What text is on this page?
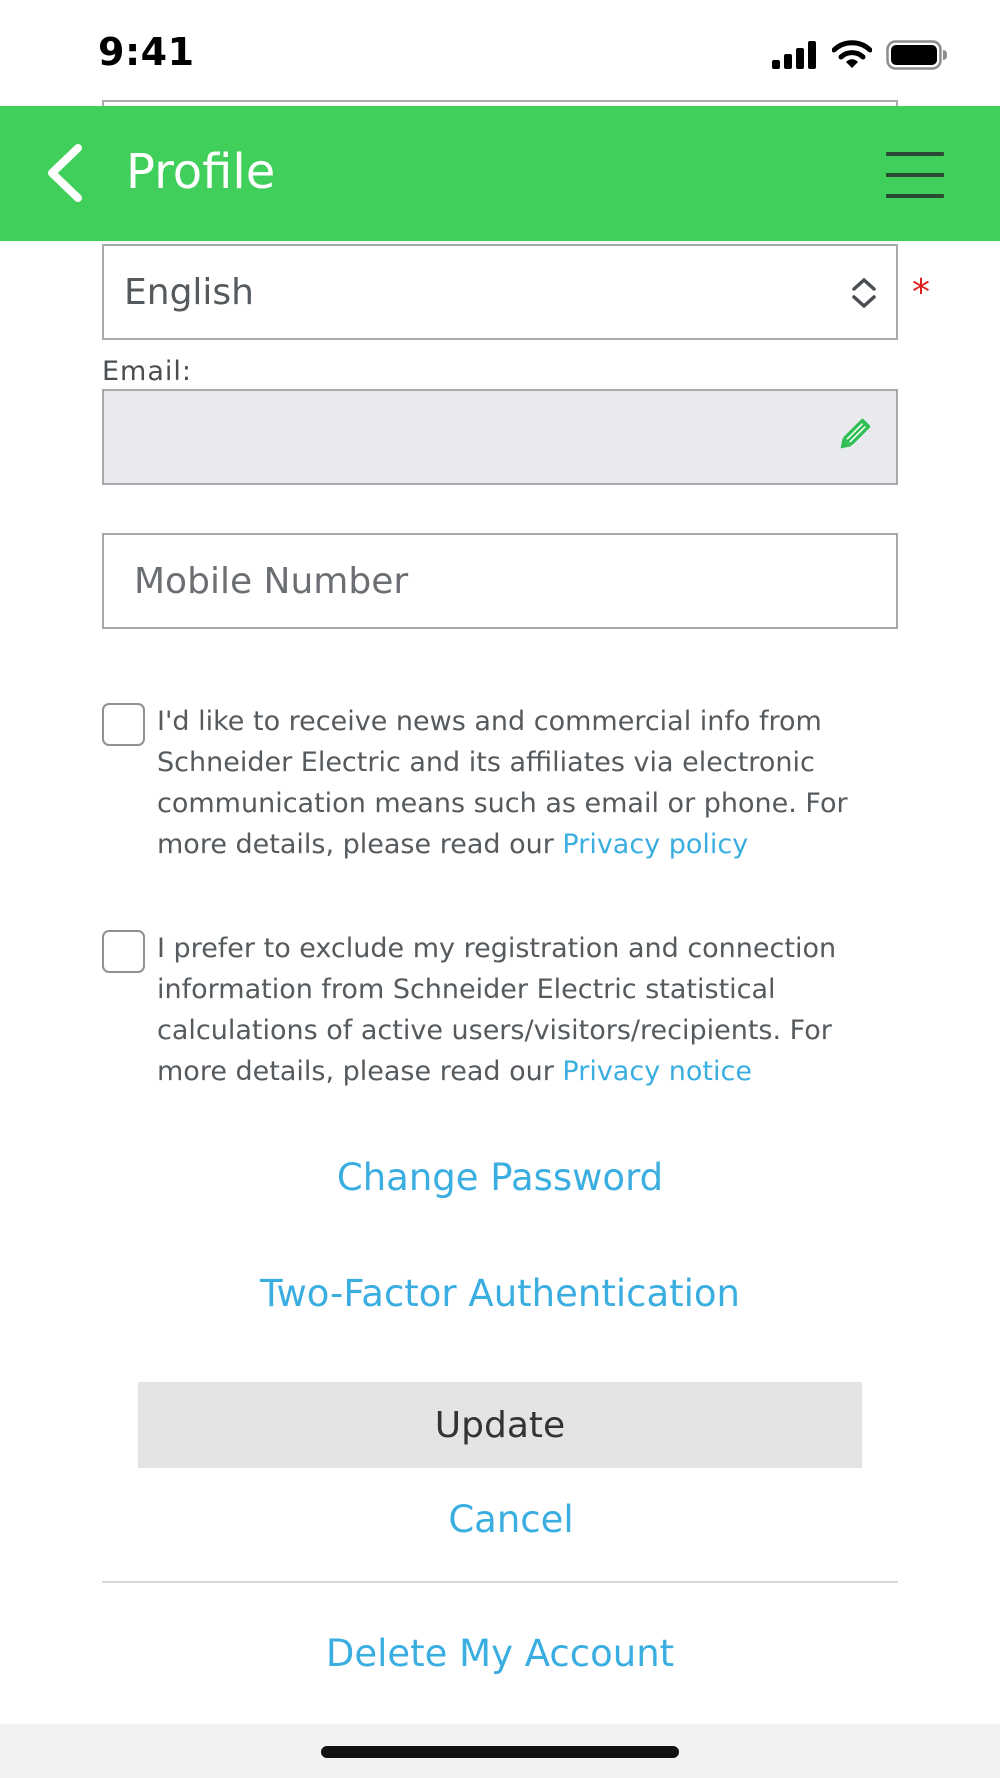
9:41
Profile
English	*
Email:
Mobile Number
I'd like to receive news and commercial info from Schneider Electric and its affiliates via electronic communication means such as email or phone. For more details, please read our Privacy policy
I prefer to exclude my registration and connection information from Schneider Electric statistical calculations of active users/visitors/recipients. For more details, please read our Privacy notice
Change Password
Two-Factor Authentication
Update
Cancel
Delete My Account
